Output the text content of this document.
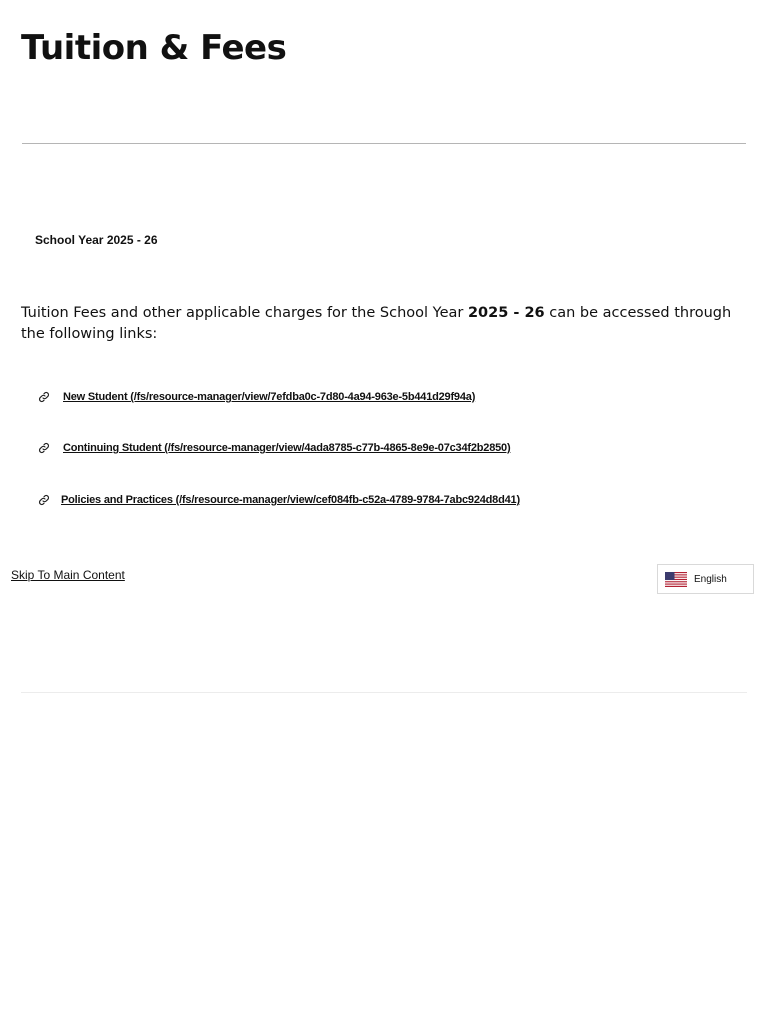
Tuition & Fees
School Year 2025 - 26

Tuition Fees and other applicable charges for the School Year 2025 - 26 can be accessed through the following links:

New Student (/fs/resource-manager/view/7efdba0c-7d80-4a94-963e-5b441d29f94a)
Continuing Student (/fs/resource-manager/view/4ada8785-c77b-4865-8e9e-07c34f2b2850)
Policies and Practices (/fs/resource-manager/view/cef084fb-c52a-4789-9784-7abc924d8d41)
Skip To Main Content	English
